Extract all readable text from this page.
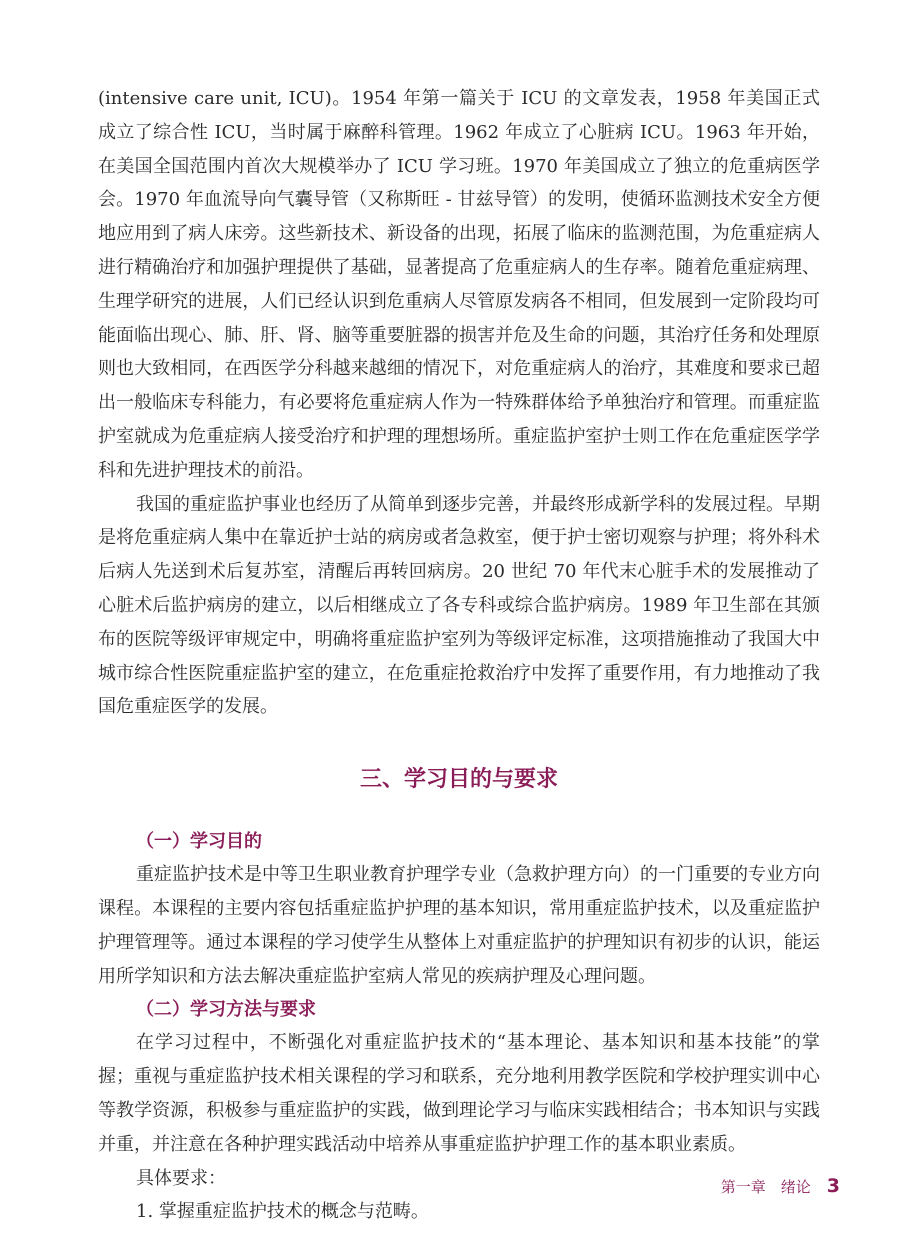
(intensive care unit, ICU)。1954 年第一篇关于 ICU 的文章发表，1958 年美国正式成立了综合性 ICU，当时属于麻醉科管理。1962 年成立了心脏病 ICU。1963 年开始，在美国全国范围内首次大规模举办了 ICU 学习班。1970 年美国成立了独立的危重病医学会。1970 年血流导向气囊导管（又称斯旺 - 甘兹导管）的发明，使循环监测技术安全方便地应用到了病人床旁。这些新技术、新设备的出现，拓展了临床的监测范围，为危重症病人进行精确治疗和加强护理提供了基础，显著提高了危重症病人的生存率。随着危重症病理、生理学研究的进展，人们已经认识到危重病人尽管原发病各不相同，但发展到一定阶段均可能面临出现心、肺、肝、肾、脑等重要脏器的损害并危及生命的问题，其治疗任务和处理原则也大致相同，在西医学分科越来越细的情况下，对危重症病人的治疗，其难度和要求已超出一般临床专科能力，有必要将危重症病人作为一特殊群体给予单独治疗和管理。而重症监护室就成为危重症病人接受治疗和护理的理想场所。重症监护室护士则工作在危重症医学学科和先进护理技术的前沿。

我国的重症监护事业也经历了从简单到逐步完善，并最终形成新学科的发展过程。早期是将危重症病人集中在靠近护士站的病房或者急救室，便于护士密切观察与护理；将外科术后病人先送到术后复苏室，清醒后再转回病房。20 世纪 70 年代末心脏手术的发展推动了心脏术后监护病房的建立，以后相继成立了各专科或综合监护病房。1989 年卫生部在其颁布的医院等级评审规定中，明确将重症监护室列为等级评定标准，这项措施推动了我国大中城市综合性医院重症监护室的建立，在危重症抢救治疗中发挥了重要作用，有力地推动了我国危重症医学的发展。

三、学习目的与要求
（一）学习目的

重症监护技术是中等卫生职业教育护理学专业（急救护理方向）的一门重要的专业方向课程。本课程的主要内容包括重症监护护理的基本知识，常用重症监护技术，以及重症监护护理管理等。通过本课程的学习使学生从整体上对重症监护的护理知识有初步的认识，能运用所学知识和方法去解决重症监护室病人常见的疾病护理及心理问题。

（二）学习方法与要求

在学习过程中，不断强化对重症监护技术的“基本理论、基本知识和基本技能”的掌握；重视与重症监护技术相关课程的学习和联系，充分地利用教学医院和学校护理实训中心等教学资源，积极参与重症监护的实践，做到理论学习与临床实践相结合；书本知识与实践并重，并注意在各种护理实践活动中培养从事重症监护护理工作的基本职业素质。

具体要求：

1. 掌握重症监护技术的概念与范畴。

第一章　绪论 3
